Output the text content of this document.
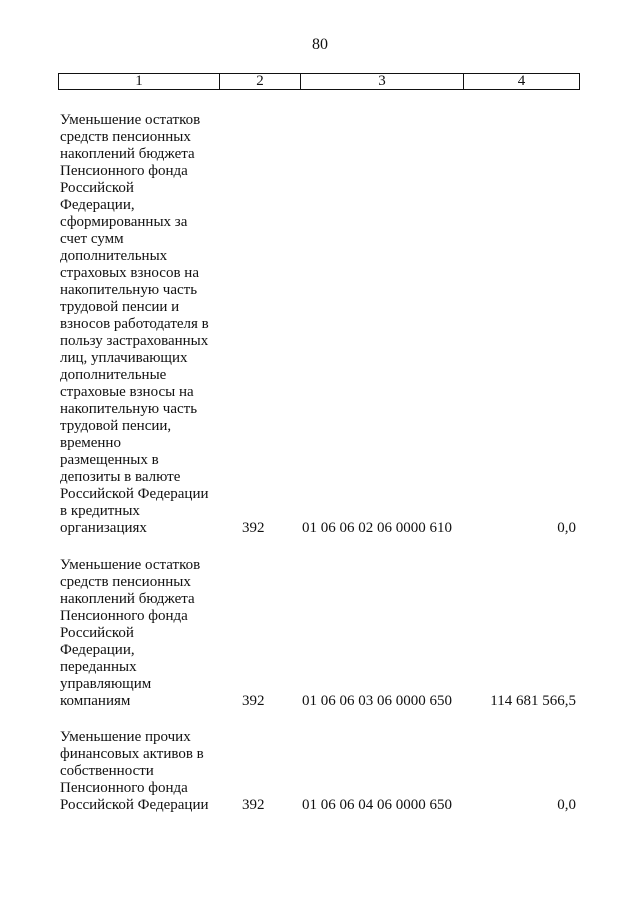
80
1	2	3	4
Уменьшение остатков
средств пенсионных
накоплений бюджета
Пенсионного фонда
Российской
Федерации,
сформированных за
счет сумм
дополнительных
страховых взносов на
накопительную часть
трудовой пенсии и
взносов работодателя в
пользу застрахованных
лиц, уплачивающих
дополнительные
страховые взносы на
накопительную часть
трудовой пенсии,
временно
размещенных в
депозиты в валюте
Российской Федерации
в кредитных
организациях	392	01 06 06 02 06 0000 610	0,0
Уменьшение остатков
средств пенсионных
накоплений бюджета
Пенсионного фонда
Российской
Федерации,
переданных
управляющим
компаниям	392	01 06 06 03 06 0000 650	114 681 566,5
Уменьшение прочих
финансовых активов в
собственности
Пенсионного фонда
Российской Федерации	392	01 06 06 04 06 0000 650	0,0
